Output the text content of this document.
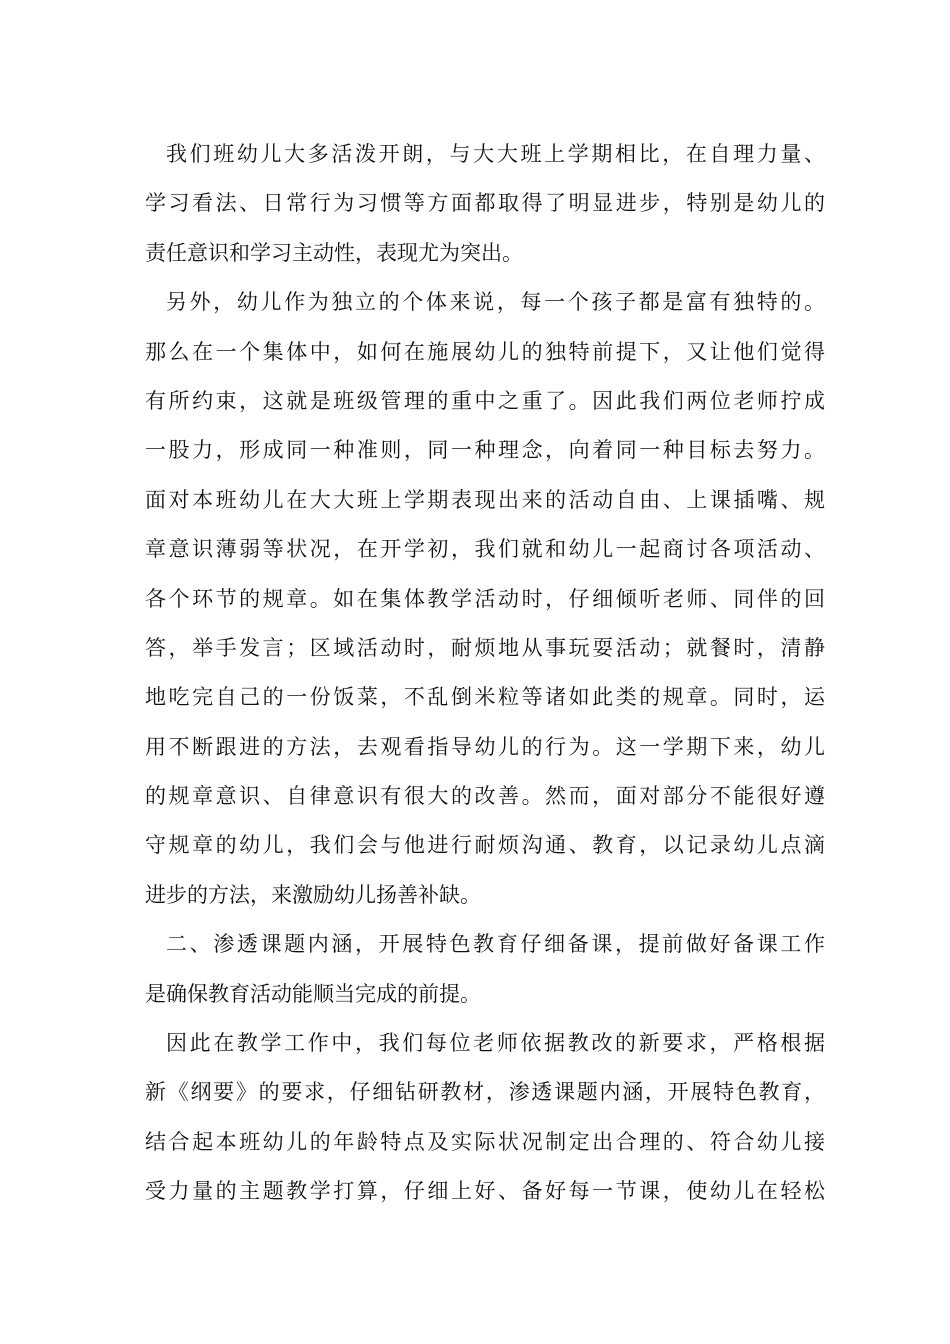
我们班幼儿大多活泼开朗，与大大班上学期相比，在自理力量、
学习看法、日常行为习惯等方面都取得了明显进步，特别是幼儿的
责任意识和学习主动性，表现尤为突出。
另外，幼儿作为独立的个体来说，每一个孩子都是富有独特的。
那么在一个集体中，如何在施展幼儿的独特前提下，又让他们觉得
有所约束，这就是班级管理的重中之重了。因此我们两位老师拧成
一股力，形成同一种准则，同一种理念，向着同一种目标去努力。
面对本班幼儿在大大班上学期表现出来的活动自由、上课插嘴、规
章意识薄弱等状况，在开学初，我们就和幼儿一起商讨各项活动、
各个环节的规章。如在集体教学活动时，仔细倾听老师、同伴的回
答，举手发言；区域活动时，耐烦地从事玩耍活动；就餐时，清静
地吃完自己的一份饭菜，不乱倒米粒等诸如此类的规章。同时，运
用不断跟进的方法，去观看指导幼儿的行为。这一学期下来，幼儿
的规章意识、自律意识有很大的改善。然而，面对部分不能很好遵
守规章的幼儿，我们会与他进行耐烦沟通、教育，以记录幼儿点滴
进步的方法，来激励幼儿扬善补缺。
二、渗透课题内涵，开展特色教育仔细备课，提前做好备课工作
是确保教育活动能顺当完成的前提。
因此在教学工作中，我们每位老师依据教改的新要求，严格根据
新《纲要》的要求，仔细钻研教材，渗透课题内涵，开展特色教育，
结合起本班幼儿的年龄特点及实际状况制定出合理的、符合幼儿接
受力量的主题教学打算，仔细上好、备好每一节课，使幼儿在轻松
